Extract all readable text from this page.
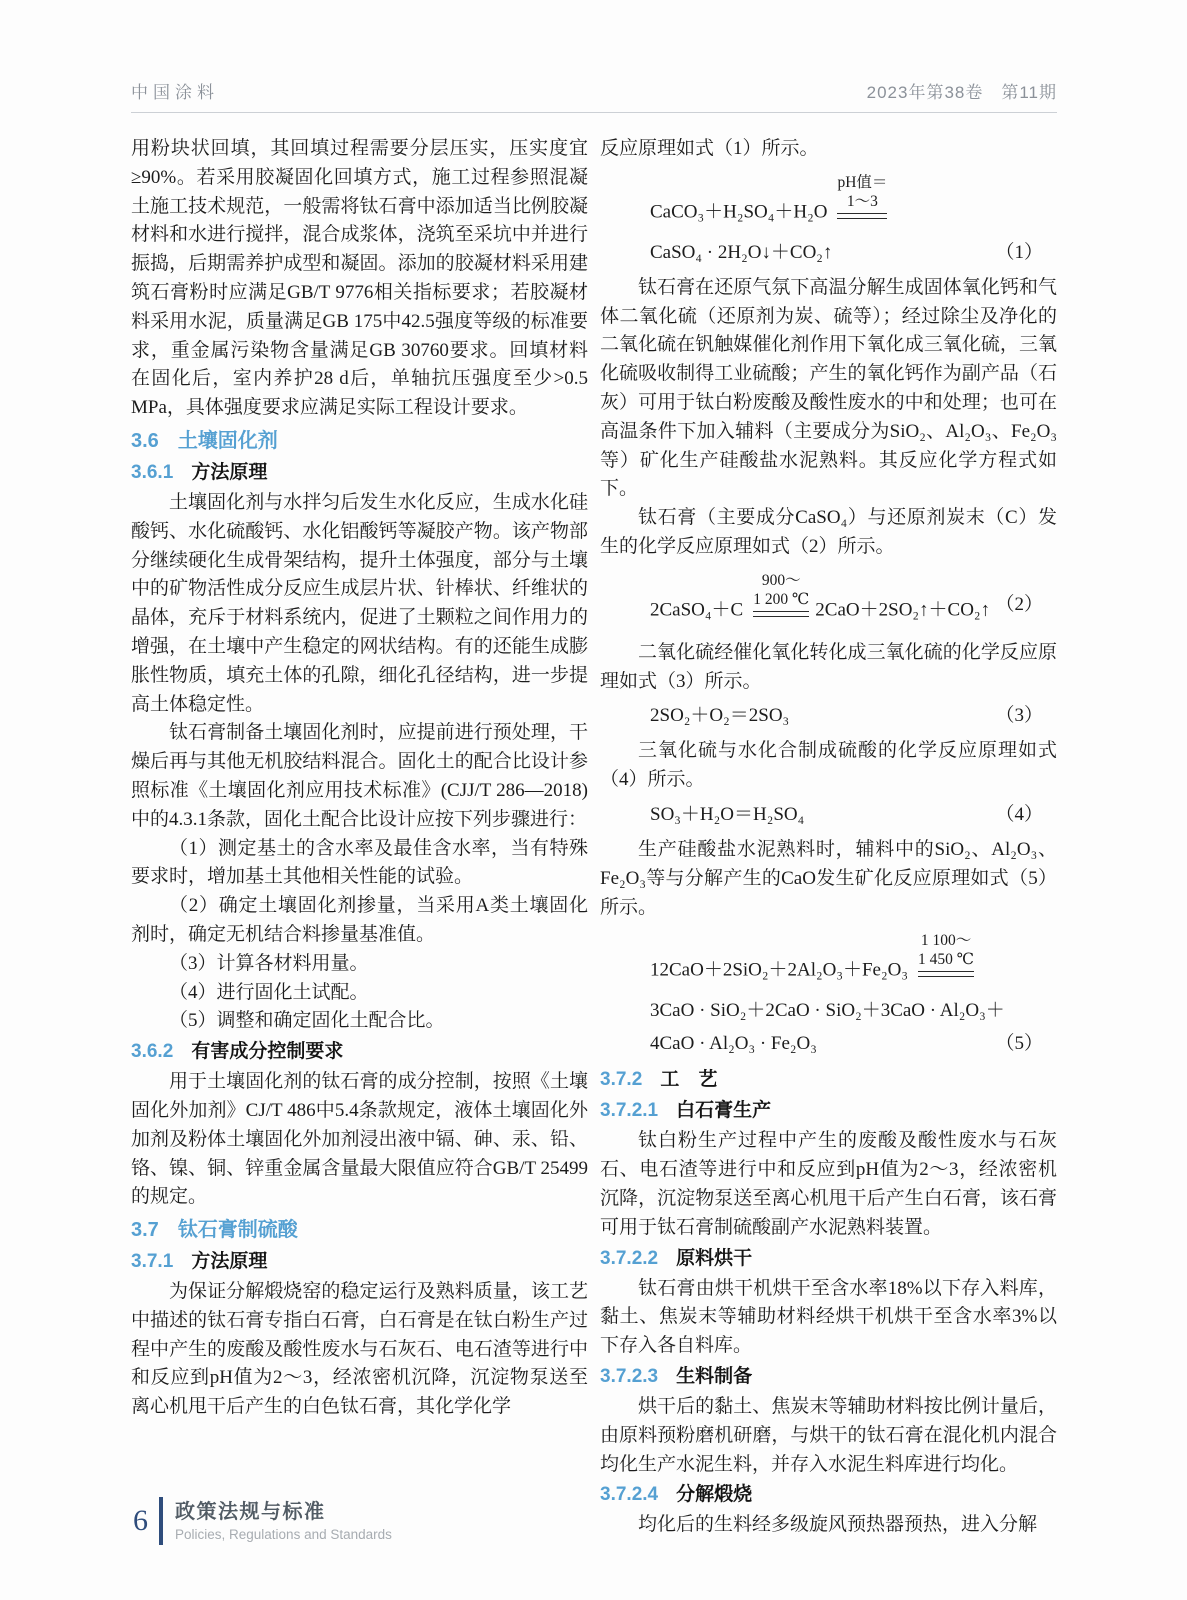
中国涂料	2023年第38卷　第11期

用粉块状回填，其回填过程需要分层压实，压实度宜≥90%。若采用胶凝固化回填方式，施工过程参照混凝土施工技术规范，一般需将钛石膏中添加适当比例胶凝材料和水进行搅拌，混合成浆体，浇筑至采坑中并进行振捣，后期需养护成型和凝固。添加的胶凝材料采用建筑石膏粉时应满足GB/T 9776相关指标要求；若胶凝材料采用水泥，质量满足GB 175中42.5强度等级的标准要求，重金属污染物含量满足GB 30760要求。回填材料在固化后，室内养护28 d后，单轴抗压强度至少>0.5 MPa，具体强度要求应满足实际工程设计要求。

3.6 土壤固化剂
3.6.1 方法原理

土壤固化剂与水拌匀后发生水化反应，生成水化硅酸钙、水化硫酸钙、水化铝酸钙等凝胶产物。该产物部分继续硬化生成骨架结构，提升土体强度，部分与土壤中的矿物活性成分反应生成层片状、针棒状、纤维状的晶体，充斥于材料系统内，促进了土颗粒之间作用力的增强，在土壤中产生稳定的网状结构。有的还能生成膨胀性物质，填充土体的孔隙，细化孔径结构，进一步提高土体稳定性。

钛石膏制备土壤固化剂时，应提前进行预处理，干燥后再与其他无机胶结料混合。固化土的配合比设计参照标准《土壤固化剂应用技术标准》(CJJ/T 286—2018)中的4.3.1条款，固化土配合比设计应按下列步骤进行：

（1）测定基土的含水率及最佳含水率，当有特殊要求时，增加基土其他相关性能的试验。

（2）确定土壤固化剂掺量，当采用A类土壤固化剂时，确定无机结合料掺量基准值。

（3）计算各材料用量。

（4）进行固化土试配。

（5）调整和确定固化土配合比。

3.6.2 有害成分控制要求

用于土壤固化剂的钛石膏的成分控制，按照《土壤固化外加剂》CJ/T 486中5.4条款规定，液体土壤固化外加剂及粉体土壤固化外加剂浸出液中镉、砷、汞、铅、铬、镍、铜、锌重金属含量最大限值应符合GB/T 25499的规定。

3.7 钛石膏制硫酸
3.7.1 方法原理

为保证分解煅烧窑的稳定运行及熟料质量，该工艺中描述的钛石膏专指白石膏，白石膏是在钛白粉生产过程中产生的废酸及酸性废水与石灰石、电石渣等进行中和反应到pH值为2～3，经浓密机沉降，沉淀物泵送至离心机甩干后产生的白色钛石膏，其化学化学

反应原理如式（1）所示。

CaCO₃＋H₂SO₄＋H₂O
pH值＝
1～3
CaSO₄ · 2H₂O↓＋CO₂↑	（1）

钛石膏在还原气氛下高温分解生成固体氧化钙和气体二氧化硫（还原剂为炭、硫等）；经过除尘及净化的二氧化硫在钒触媒催化剂作用下氧化成三氧化硫，三氧化硫吸收制得工业硫酸；产生的氧化钙作为副产品（石灰）可用于钛白粉废酸及酸性废水的中和处理；也可在高温条件下加入辅料（主要成分为SiO₂、Al₂O₃、Fe₂O₃等）矿化生产硅酸盐水泥熟料。其反应化学方程式如下。

钛石膏（主要成分CaSO₄）与还原剂炭末（C）发生的化学反应原理如式（2）所示。

2CaSO₄＋C
900～
1 200 ℃ 2CaO＋2SO₂↑＋CO₂↑ （2）

二氧化硫经催化氧化转化成三氧化硫的化学反应原理如式（3）所示。

2SO₂＋O₂＝2SO₃	（3）

三氧化硫与水化合制成硫酸的化学反应原理如式（4）所示。

SO₃＋H₂O＝H₂SO₄	（4）

生产硅酸盐水泥熟料时，辅料中的SiO₂、Al₂O₃、Fe₂O₃等与分解产生的CaO发生矿化反应原理如式（5）所示。

12CaO＋2SiO₂＋2Al₂O₃＋Fe₂O₃
1 100～
1 450 ℃
3CaO · SiO₂＋2CaO · SiO₂＋3CaO · Al₂O₃＋
4CaO · Al₂O₃ · Fe₂O₃	（5）
3.7.2 工　艺
3.7.2.1 白石膏生产

钛白粉生产过程中产生的废酸及酸性废水与石灰石、电石渣等进行中和反应到pH值为2～3，经浓密机沉降，沉淀物泵送至离心机甩干后产生白石膏，该石膏可用于钛石膏制硫酸副产水泥熟料装置。

3.7.2.2 原料烘干

钛石膏由烘干机烘干至含水率18%以下存入料库，黏土、焦炭末等辅助材料经烘干机烘干至含水率3%以下存入各自料库。

3.7.2.3 生料制备

烘干后的黏土、焦炭末等辅助材料按比例计量后，由原料预粉磨机研磨，与烘干的钛石膏在混化机内混合均化生产水泥生料，并存入水泥生料库进行均化。

3.7.2.4 分解煅烧

均化后的生料经多级旋风预热器预热，进入分解

6 政策法规与标准
Policies, Regulations and Standards
